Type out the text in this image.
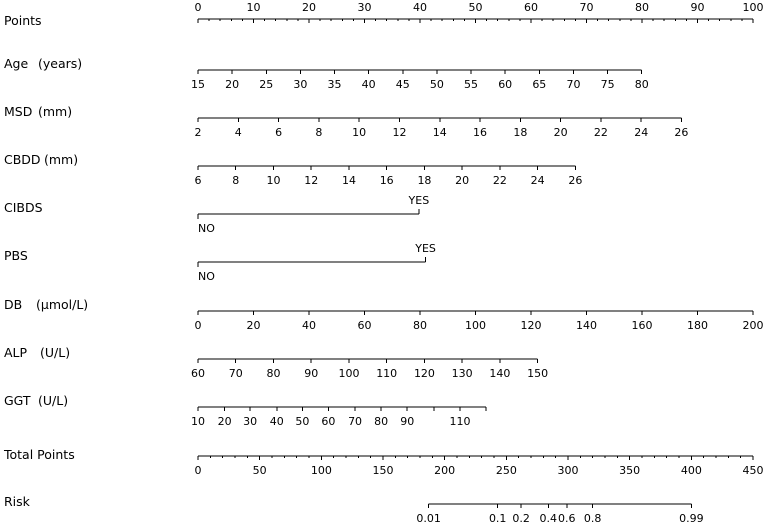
Points
0	10	20	30	40	50	60	70	80	90	100
Age (years)
15 20 25 30 35 40 45 50 55 60 65 70 75 80
MSD (mm)
2	4	6	8	10 12 14 16 18 20 22 24 26
CBDD (mm)
6	8 10 12 14 16 18 20 22 24 26
CIBDS
NO
YES
PBS
NO
YES
DB (μmol/L)
0	20	40	60	80	100	120	140	160	180	200
ALP (U/L)
60 70 80 90 100 110 120 130 140 150
GGT (U/L)
10 20 30 40 50 60 70 80 90	110
Total Points
0	50	100	150	200	250	300	350	400	450
Risk
0.01	0.1 0.2 0.4 0.6 0.8	0.99
